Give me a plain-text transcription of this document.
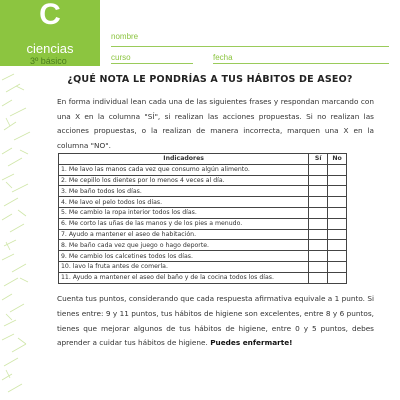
C
ciencias
3º básico
nombre
curso	fecha
¿QUÉ NOTA LE PONDRÍAS A TUS HÁBITOS DE ASEO?

En forma individual lean cada una de las siguientes frases y respondan marcando con una X en la columna "SÍ", si realizan las acciones propuestas. Si no realizan las acciones propuestas, o la realizan de manera incorrecta, marquen una X en la columna "NO".

Indicadores	Sí	No
1. Me lavo las manos cada vez que consumo algún alimento.		
2. Me cepillo los dientes por lo menos 4 veces al día.		
3. Me baño todos los días.		
4. Me lavo el pelo todos los días.		
5. Me cambio la ropa interior todos los días.		
6. Me corto las uñas de las manos y de los pies a menudo.		
7. Ayudo a mantener el aseo de habitación.		
8. Me baño cada vez que juego o hago deporte.		
9. Me cambio los calcetines todos los días.		
10. lavo la fruta antes de comerla.		
11. Ayudo a mantener el aseo del baño y de la cocina todos los días.		

Cuenta tus puntos, considerando que cada respuesta afirmativa equivale a 1 punto. Si tienes entre: 9 y 11 puntos, tus hábitos de higiene son excelentes, entre 8 y 6 puntos, tienes que mejorar algunos de tus hábitos de higiene, entre 0 y 5 puntos, debes aprender a cuidar tus hábitos de higiene. Puedes enfermarte!
